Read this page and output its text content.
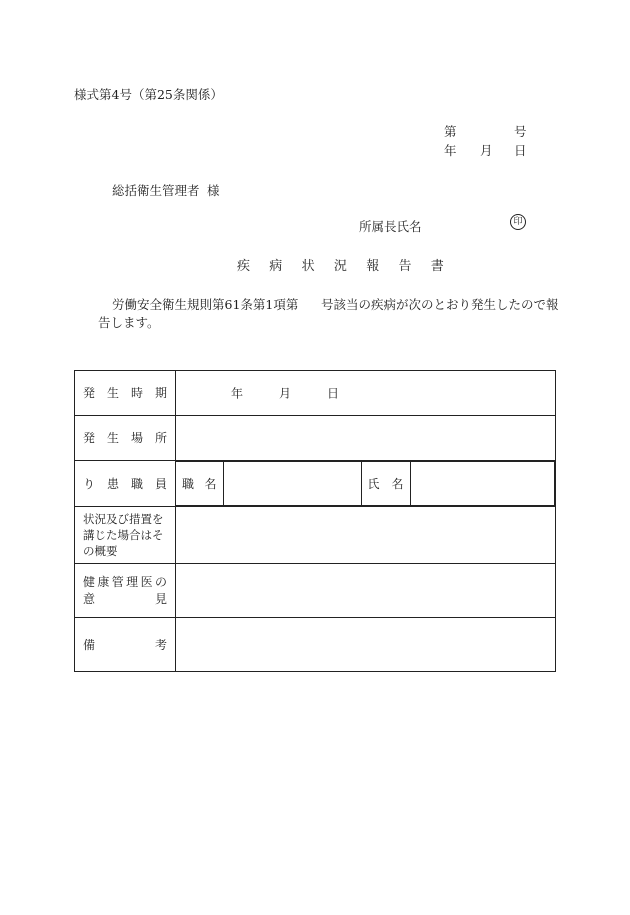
様式第4号（第25条関係）
第	号
年 月 日
総括衛生管理者 様
所属長氏名	印
疾 病 状 況 報 告 書
労働安全衛生規則第61条第1項第 号該当の疾病が次のとおり発生したので報
告します。
発 生 時 期	年	月	日

発 生 場 所

り 患 職 員
	職 名		氏 名

状況及び措置を講じた場合はその概要

健 康 管 理 医 の
意	見

備	考
